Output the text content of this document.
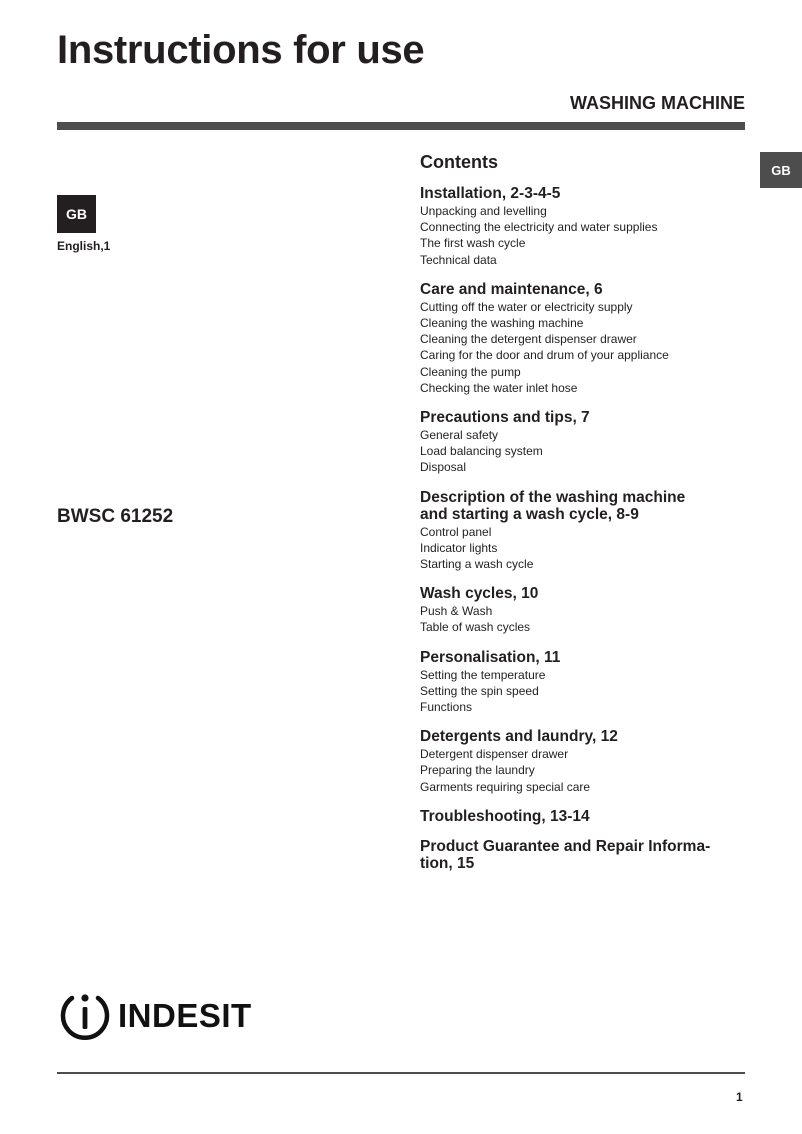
Instructions for use
WASHING MACHINE
GB
English,1
GB
BWSC 61252
Contents
Installation, 2-3-4-5
Unpacking and levelling
Connecting the electricity and water supplies
The first wash cycle
Technical data
Care and maintenance, 6
Cutting off the water or electricity supply
Cleaning the washing machine
Cleaning the detergent dispenser drawer
Caring for the door and drum of your appliance
Cleaning the pump
Checking the water inlet hose
Precautions and tips, 7
General safety
Load balancing system
Disposal
Description of the washing machine
and starting a wash cycle, 8-9
Control panel
Indicator lights
Starting a wash cycle
Wash cycles, 10
Push & Wash
Table of wash cycles
Personalisation, 11
Setting the temperature
Setting the spin speed
Functions
Detergents and laundry, 12
Detergent dispenser drawer
Preparing the laundry
Garments requiring special care
Troubleshooting, 13-14
Product Guarantee and Repair Informa-
tion, 15
INDESIT
1
